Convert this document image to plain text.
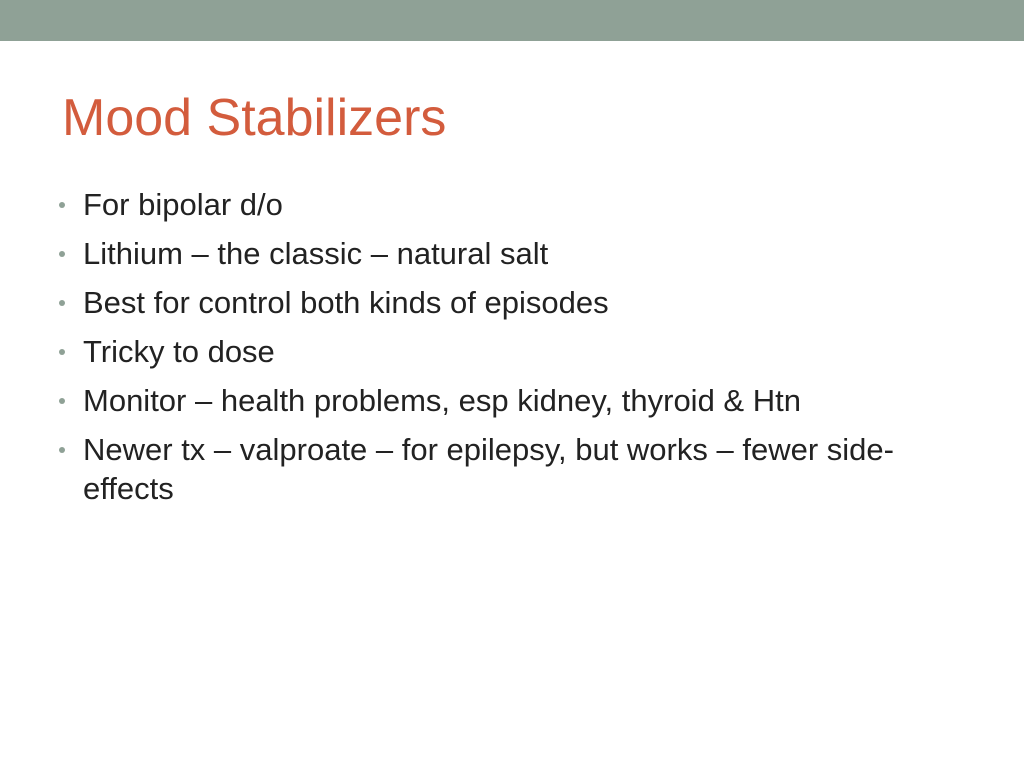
Mood Stabilizers
For bipolar d/o
Lithium – the classic – natural salt
Best for control both kinds of episodes
Tricky to dose
Monitor – health problems, esp kidney, thyroid & Htn
Newer tx – valproate – for epilepsy, but works – fewer side-effects
